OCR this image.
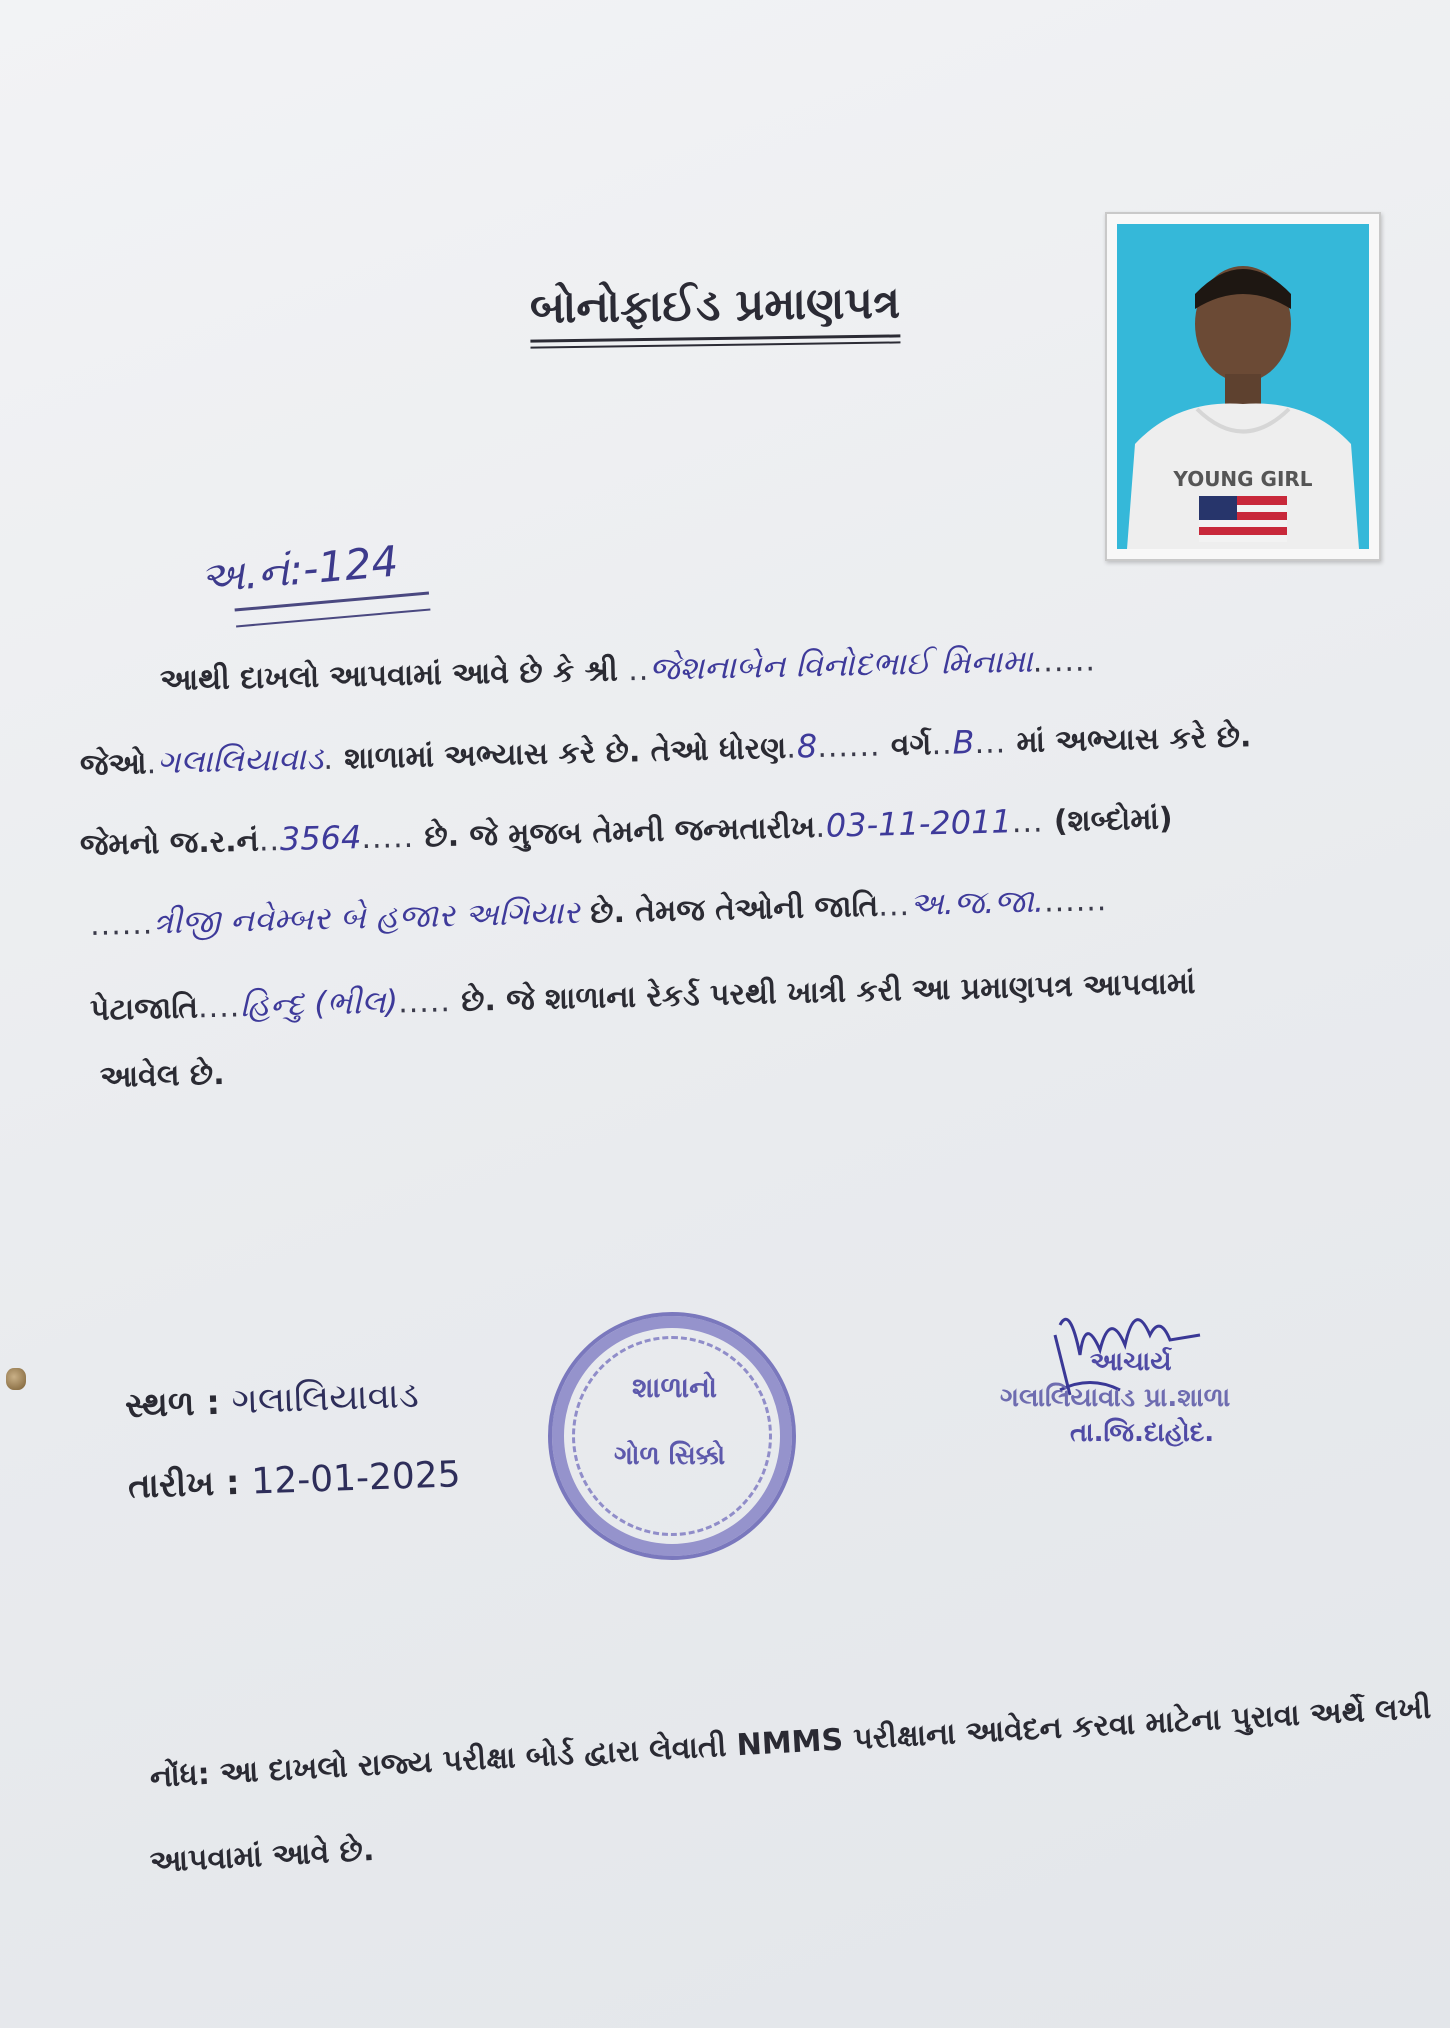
બોનોફાઈડ પ્રમાણપત્ર
YOUNG GIRL
અ.નં:-124
આથી દાખલો આપવામાં આવે છે કે શ્રી ..જેશનાબેન વિનોદભાઈ મિનામા......
જેઓ.ગલાલિયાવાડ. શાળામાં અભ્યાસ કરે છે. તેઓ ધોરણ.8...... વર્ગ..B... માં અભ્યાસ કરે છે.
જેમનો જ.ર.નં..3564..... છે. જે મુજબ તેમની જન્મતારીખ.03-11-2011... (શબ્દોમાં)
......ત્રીજી નવેમ્બર બે હજાર અગિયાર છે. તેમજ તેઓની જાતિ...અ.જ.જા.......
પેટાજાતિ....હિન્દુ (ભીલ)..... છે. જે શાળાના રેકર્ડ પરથી ખાત્રી કરી આ પ્રમાણપત્ર આપવામાં
આવેલ છે.
સ્થળ : ગલાલિયાવાડ
તારીખ : 12-01-2025
શાળાનો
ગોળ સિક્કો
આચાર્ય
ગલાલિયાવાડ પ્રા.શાળા
તા.જિ.દાહોદ.
નોંધ: આ દાખલો રાજ્ય પરીક્ષા બોર્ડ દ્વારા લેવાતી NMMS પરીક્ષાના આવેદન કરવા માટેના પુરાવા અર્થે લખી
આપવામાં આવે છે.
